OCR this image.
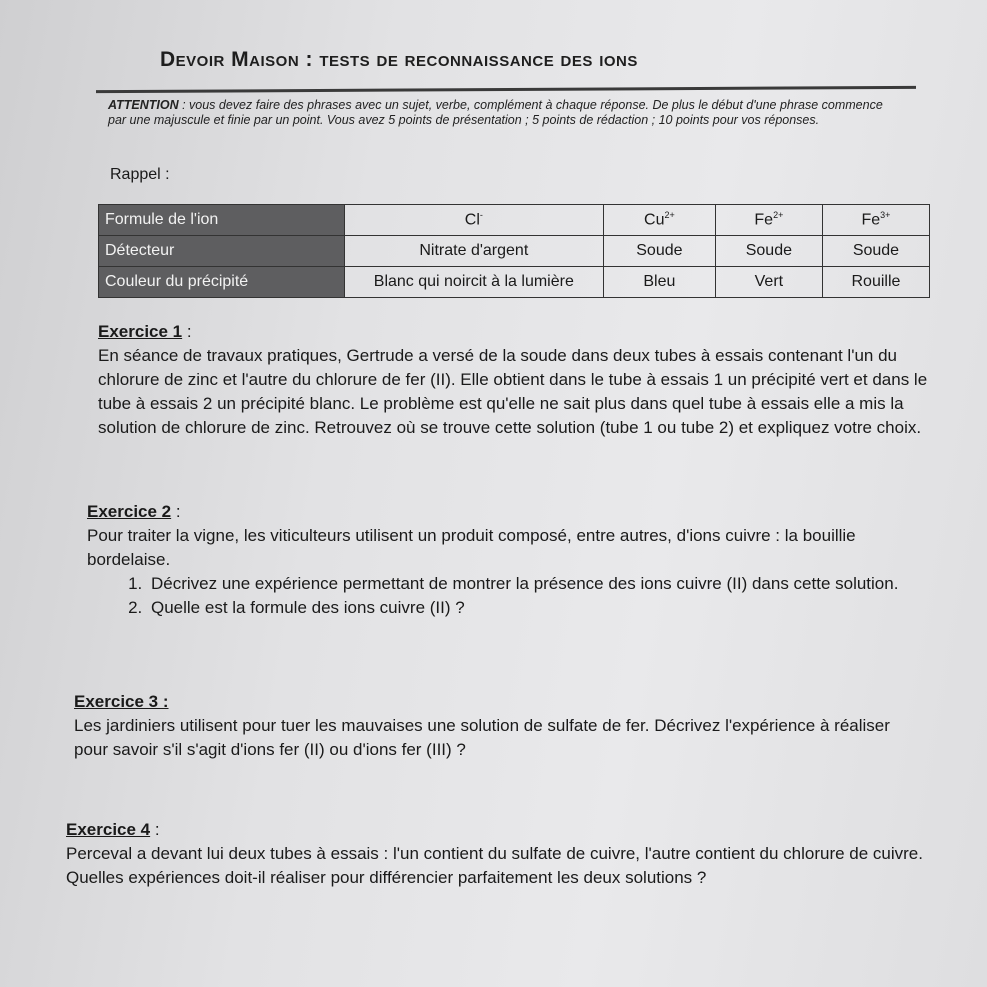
Devoir Maison : tests de reconnaissance des ions
ATTENTION : vous devez faire des phrases avec un sujet, verbe, complément à chaque réponse. De plus le début d'une phrase commence par une majuscule et finie par un point. Vous avez 5 points de présentation ; 5 points de rédaction ; 10 points pour vos réponses.
Rappel :
Formule de l'ion	Cl-	$Cu^{2+}$	$Fe^{2+}$	$Fe^{3+}$
Détecteur	Nitrate d'argent	Soude	Soude	Soude
Couleur du précipité	Blanc qui noircit à la lumière	Bleu	Vert	Rouille
Exercice 1 :

En séance de travaux pratiques, Gertrude a versé de la soude dans deux tubes à essais contenant l'un du chlorure de zinc et l'autre du chlorure de fer (II). Elle obtient dans le tube à essais 1 un précipité vert et dans le tube à essais 2 un précipité blanc. Le problème est qu'elle ne sait plus dans quel tube à essais elle a mis la solution de chlorure de zinc. Retrouvez où se trouve cette solution (tube 1 ou tube 2) et expliquez votre choix.

Exercice 2 :

Pour traiter la vigne, les viticulteurs utilisent un produit composé, entre autres, d'ions cuivre : la bouillie bordelaise.

1. Décrivez une expérience permettant de montrer la présence des ions cuivre (II) dans cette solution.
2. Quelle est la formule des ions cuivre (II) ?
Exercice 3 :

Les jardiniers utilisent pour tuer les mauvaises une solution de sulfate de fer. Décrivez l'expérience à réaliser pour savoir s'il s'agit d'ions fer (II) ou d'ions fer (III) ?

Exercice 4 :

Perceval a devant lui deux tubes à essais : l'un contient du sulfate de cuivre, l'autre contient du chlorure de cuivre.

Quelles expériences doit-il réaliser pour différencier parfaitement les deux solutions ?
